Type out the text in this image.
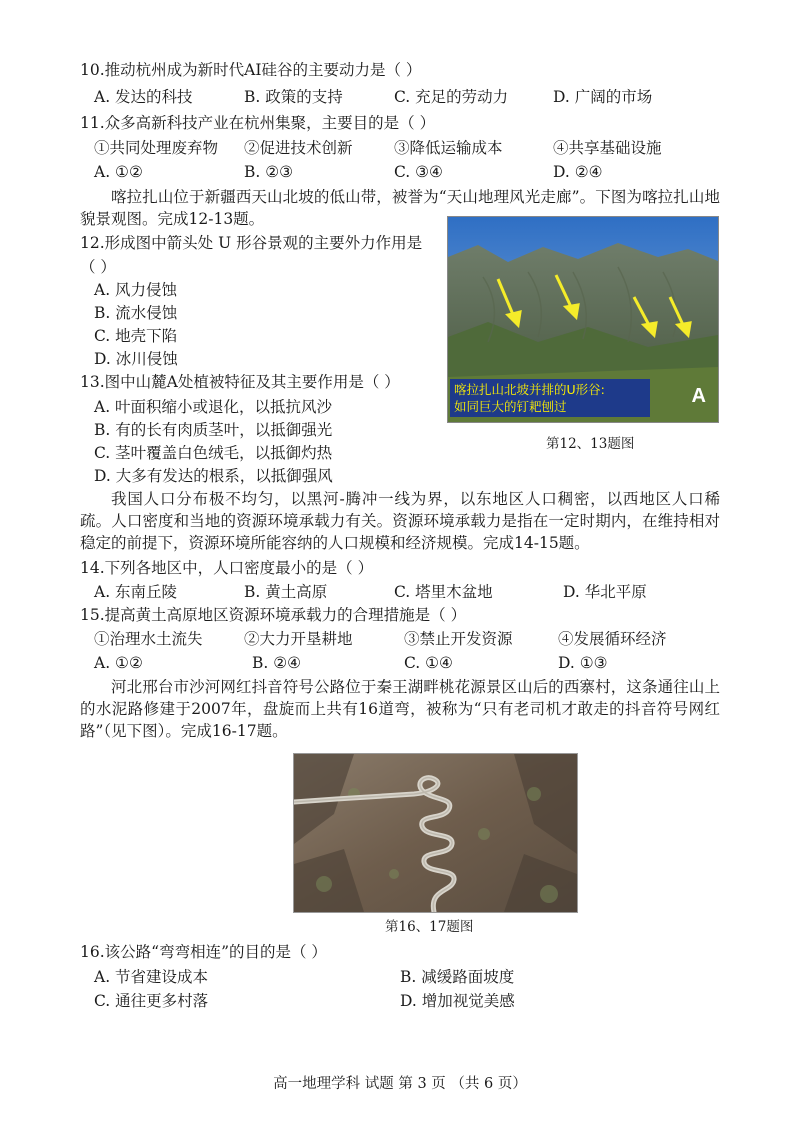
10.推动杭州成为新时代AI硅谷的主要动力是（ ）
A. 发达的科技	B. 政策的支持	C. 充足的劳动力	D. 广阔的市场
11.众多高新科技产业在杭州集聚，主要目的是（ ）
①共同处理废弃物 ②促进技术创新	③降低运输成本	④共享基础设施
A. ①②	B. ②③	C. ③④	D. ②④

喀拉扎山位于新疆西天山北坡的低山带，被誉为“天山地理风光走廊”。下图为喀拉扎山地貌景观图。完成12-13题。

12.形成图中箭头处 U 形谷景观的主要外力作用是
（ ）
A. 风力侵蚀
B. 流水侵蚀
C. 地壳下陷
D. 冰川侵蚀
喀拉扎山北坡并排的U形谷:
如同巨大的钉耙刨过	A
第12、13题图
13.图中山麓A处植被特征及其主要作用是（ ）
A. 叶面积缩小或退化，以抵抗风沙
B. 有的长有肉质茎叶，以抵御强光
C. 茎叶覆盖白色绒毛，以抵御灼热
D. 大多有发达的根系，以抵御强风

我国人口分布极不均匀，以黑河-腾冲一线为界，以东地区人口稠密，以西地区人口稀疏。人口密度和当地的资源环境承载力有关。资源环境承载力是指在一定时期内，在维持相对稳定的前提下，资源环境所能容纳的人口规模和经济规模。完成14-15题。

14.下列各地区中，人口密度最小的是（ ）
A. 东南丘陵	B. 黄土高原	C. 塔里木盆地	D. 华北平原
15.提高黄土高原地区资源环境承载力的合理措施是（ ）
①治理水土流失	②大力开垦耕地	③禁止开发资源	④发展循环经济
A. ①②	B. ②④	C. ①④	D. ①③

河北邢台市沙河网红抖音符号公路位于秦王湖畔桃花源景区山后的西寨村，这条通往山上的水泥路修建于2007年，盘旋而上共有16道弯，被称为“只有老司机才敢走的抖音符号网红路”（见下图）。完成16-17题。

第16、17题图
16.该公路“弯弯相连”的目的是（ ）
A. 节省建设成本	B. 减缓路面坡度
C. 通往更多村落	D. 增加视觉美感
高一地理学科 试题 第 3 页 （共 6 页）
